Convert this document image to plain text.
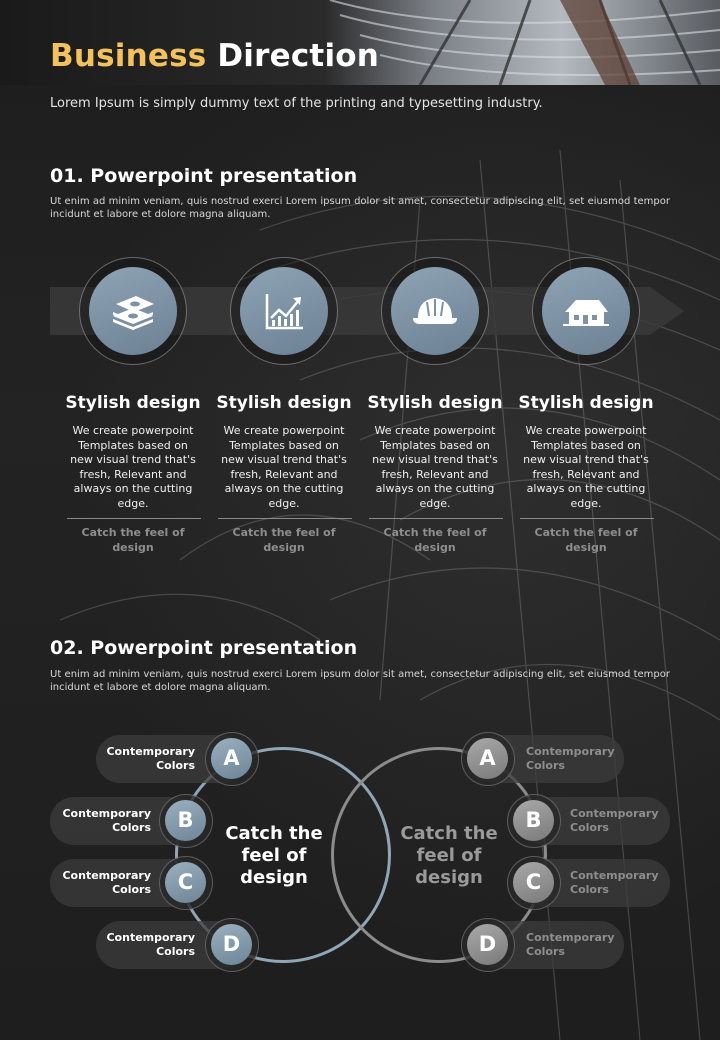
Business Direction
Lorem Ipsum is simply dummy text of the printing and typesetting industry.
01. Powerpoint presentation
Ut enim ad minim veniam, quis nostrud exerci Lorem ipsum dolor sit amet, consectetur adipiscing elit, set eiusmod tempor incidunt et labore et dolore magna aliquam.
Stylish design
We create powerpoint Templates based on new visual trend that's fresh, Relevant and always on the cutting edge.
Catch the feel of design
Stylish design
We create powerpoint Templates based on new visual trend that's fresh, Relevant and always on the cutting edge.
Catch the feel of design
Stylish design
We create powerpoint Templates based on new visual trend that's fresh, Relevant and always on the cutting edge.
Catch the feel of design
Stylish design
We create powerpoint Templates based on new visual trend that's fresh, Relevant and always on the cutting edge.
Catch the feel of design
02. Powerpoint presentation
Ut enim ad minim veniam, quis nostrud exerci Lorem ipsum dolor sit amet, consectetur adipiscing elit, set eiusmod tempor incidunt et labore et dolore magna aliquam.
Contemporary Colors
Contemporary Colors
Contemporary Colors
Contemporary Colors
A
B
C
D
Catch the feel of design
Contemporary Colors
Contemporary Colors
Contemporary Colors
Contemporary Colors
A
B
C
D
Catch the feel of design
